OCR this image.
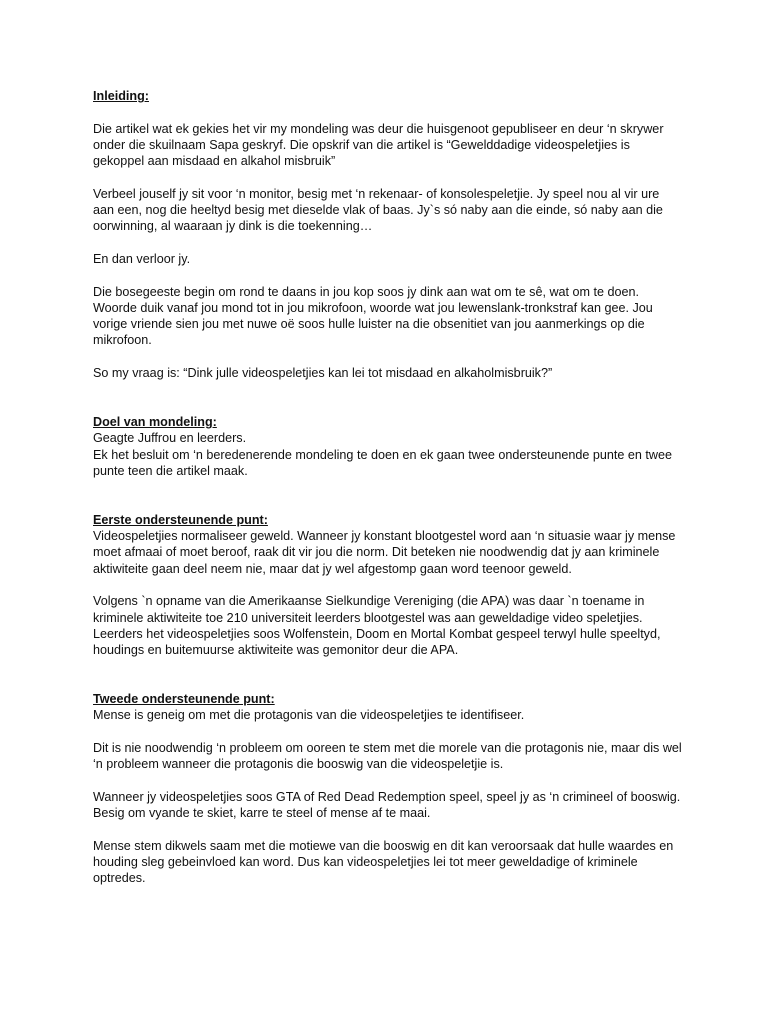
Inleiding:

Die artikel wat ek gekies het vir my mondeling was deur die huisgenoot gepubliseer en deur ‘n skrywer onder die skuilnaam Sapa geskryf. Die opskrif van die artikel is “Gewelddadige videospeletjies is gekoppel aan misdaad en alkahol misbruik”

Verbeel jouself jy sit voor ‘n monitor, besig met ‘n rekenaar- of konsolespeletjie. Jy speel nou al vir ure aan een, nog die heeltyd besig met dieselde vlak of baas. Jy`s só naby aan die einde, só naby aan die oorwinning, al waaraan jy dink is die toekenning…

En dan verloor jy.

Die bosegeeste begin om rond te daans in jou kop soos jy dink aan wat om te sê, wat om te doen. Woorde duik vanaf jou mond tot in jou mikrofoon, woorde wat jou lewenslank-tronkstraf kan gee. Jou vorige vriende sien jou met nuwe oë soos hulle luister na die obsenitiet van jou aanmerkings op die mikrofoon.

So my vraag is: “Dink julle videospeletjies kan lei tot misdaad en alkaholmisbruik?”

Doel van mondeling:

Geagte Juffrou en leerders.

Ek het besluit om ‘n beredenerende mondeling te doen en ek gaan twee ondersteunende punte en twee punte teen die artikel maak.

Eerste ondersteunende punt:

Videospeletjies normaliseer geweld. Wanneer jy konstant blootgestel word aan ‘n situasie waar jy mense moet afmaai of moet beroof, raak dit vir jou die norm. Dit beteken nie noodwendig dat jy aan kriminele aktiwiteite gaan deel neem nie, maar dat jy wel afgestomp gaan word teenoor geweld.

Volgens `n opname van die Amerikaanse Sielkundige Vereniging (die APA) was daar `n toename in kriminele aktiwiteite toe 210 universiteit leerders blootgestel was aan geweldadige video speletjies. Leerders het videospeletjies soos Wolfenstein, Doom en Mortal Kombat gespeel terwyl hulle speeltyd, houdings en buitemuurse aktiwiteite was gemonitor deur die APA.

Tweede ondersteunende punt:

Mense is geneig om met die protagonis van die videospeletjies te identifiseer.

Dit is nie noodwendig ‘n probleem om ooreen te stem met die morele van die protagonis nie, maar dis wel ‘n probleem wanneer die protagonis die booswig van die videospeletjie is.

Wanneer jy videospeletjies soos GTA of Red Dead Redemption speel, speel jy as ‘n crimineel of booswig. Besig om vyande te skiet, karre te steel of mense af te maai.

Mense stem dikwels saam met die motiewe van die booswig en dit kan veroorsaak dat hulle waardes en houding sleg gebeinvloed kan word. Dus kan videospeletjies lei tot meer geweldadige of kriminele optredes.
